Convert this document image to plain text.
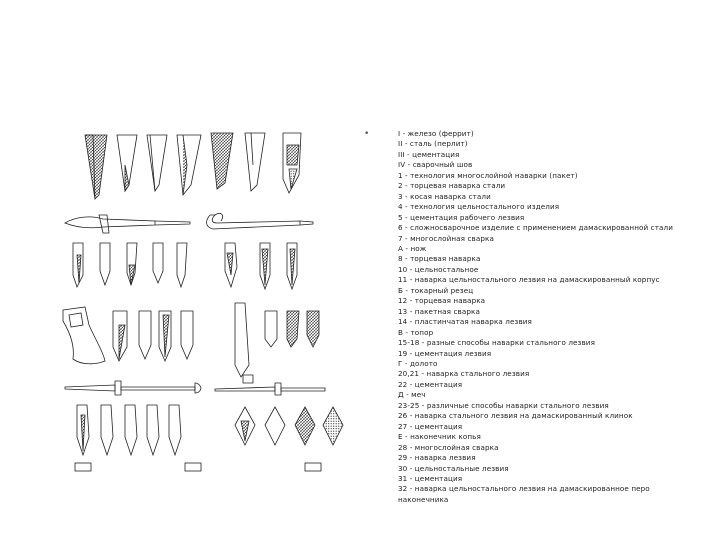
•	I - железо (феррит)
II - сталь (перлит)
III - цементация
IV - сварочный шов
1 - технология многослойной наварки (пакет)
2 - торцевая наварка стали
3 - косая наварка стали
4 - технология цельностального изделия
5 - цементация рабочего лезвия
6 - сложносварочное изделие с применением дамаскированной стали
7 - многослойная сварка
А - нож
8 - торцевая наварка
10 - цельностальное
11 - наварка цельностального лезвия на дамаскированный корпус
Б - токарный резец
12 - торцевая наварка
13 - пакетная сварка
14 - пластинчатая наварка лезвия
В - топор
15-18 - разные способы наварки стального лезвия
19 - цементация лезвия
Г - долото
20,21 - наварка стального лезвия
22 - цементация
Д - меч
23-25 - различные способы наварки стального лезвия
26 - наварка стального лезвия на дамаскированный клинок
27 - цементация
Е - наконечник копья
28 - многослойная сварка
29 - наварка лезвия
30 - цельностальные лезвия
31 - цементация
32 - наварка цельностального лезвия на дамаскированное перо наконечника
